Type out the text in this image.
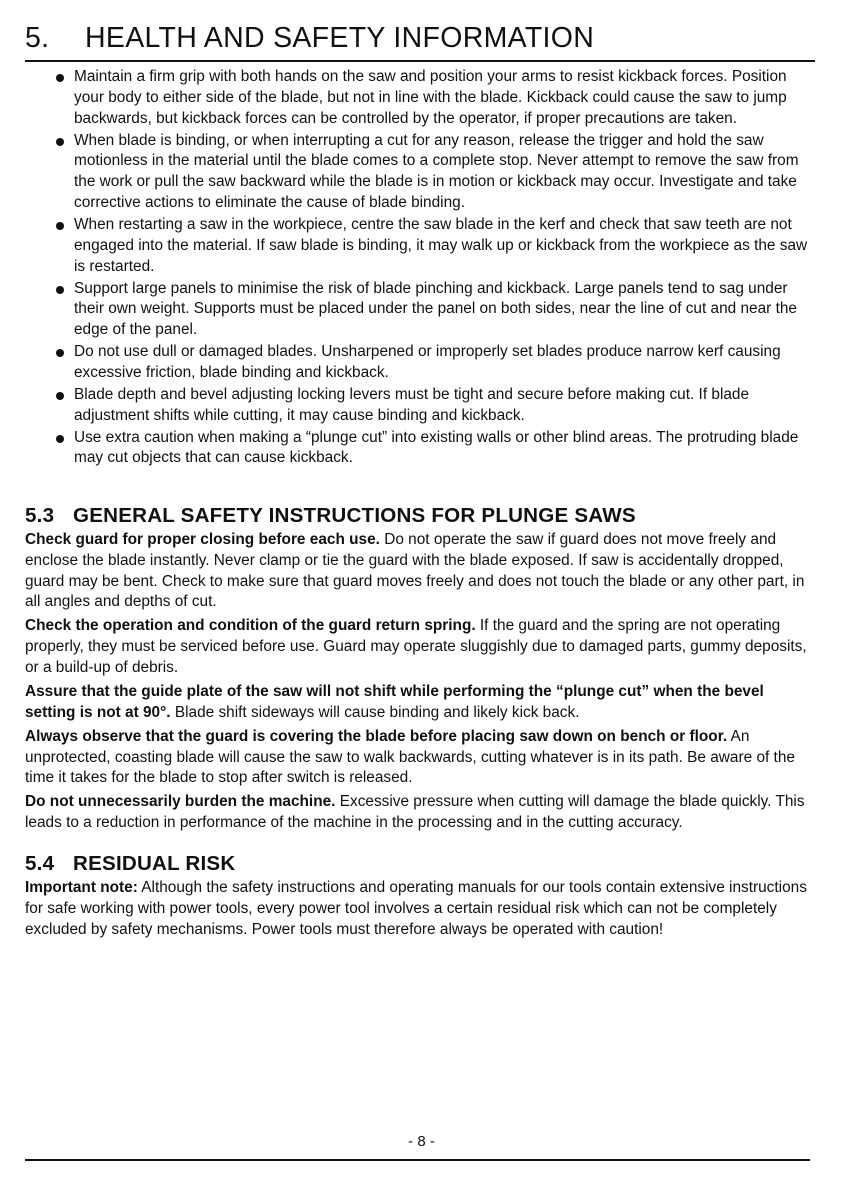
5. HEALTH AND SAFETY INFORMATION
Maintain a firm grip with both hands on the saw and position your arms to resist kickback forces. Position your body to either side of the blade, but not in line with the blade. Kickback could cause the saw to jump backwards, but kickback forces can be controlled by the operator, if proper precautions are taken.
When blade is binding, or when interrupting a cut for any reason, release the trigger and hold the saw motionless in the material until the blade comes to a complete stop. Never attempt to remove the saw from the work or pull the saw backward while the blade is in motion or kickback may occur. Investigate and take corrective actions to eliminate the cause of blade binding.
When restarting a saw in the workpiece, centre the saw blade in the kerf and check that saw teeth are not engaged into the material. If saw blade is binding, it may walk up or kickback from the workpiece as the saw is restarted.
Support large panels to minimise the risk of blade pinching and kickback. Large panels tend to sag under their own weight. Supports must be placed under the panel on both sides, near the line of cut and near the edge of the panel.
Do not use dull or damaged blades. Unsharpened or improperly set blades produce narrow kerf causing excessive friction, blade binding and kickback.
Blade depth and bevel adjusting locking levers must be tight and secure before making cut. If blade adjustment shifts while cutting, it may cause binding and kickback.
Use extra caution when making a “plunge cut” into existing walls or other blind areas. The protruding blade may cut objects that can cause kickback.
5.3 GENERAL SAFETY INSTRUCTIONS FOR PLUNGE SAWS

Check guard for proper closing before each use. Do not operate the saw if guard does not move freely and enclose the blade instantly. Never clamp or tie the guard with the blade exposed. If saw is accidentally dropped, guard may be bent. Check to make sure that guard moves freely and does not touch the blade or any other part, in all angles and depths of cut.

Check the operation and condition of the guard return spring. If the guard and the spring are not operating properly, they must be serviced before use. Guard may operate sluggishly due to damaged parts, gummy deposits, or a build-up of debris.

Assure that the guide plate of the saw will not shift while performing the “plunge cut” when the bevel setting is not at 90°. Blade shift sideways will cause binding and likely kick back.

Always observe that the guard is covering the blade before placing saw down on bench or floor. An unprotected, coasting blade will cause the saw to walk backwards, cutting whatever is in its path. Be aware of the time it takes for the blade to stop after switch is released.

Do not unnecessarily burden the machine. Excessive pressure when cutting will damage the blade quickly. This leads to a reduction in performance of the machine in the processing and in the cutting accuracy.

5.4 RESIDUAL RISK

Important note: Although the safety instructions and operating manuals for our tools contain extensive instructions for safe working with power tools, every power tool involves a certain residual risk which can not be completely excluded by safety mechanisms. Power tools must therefore always be operated with caution!

- 8 -
